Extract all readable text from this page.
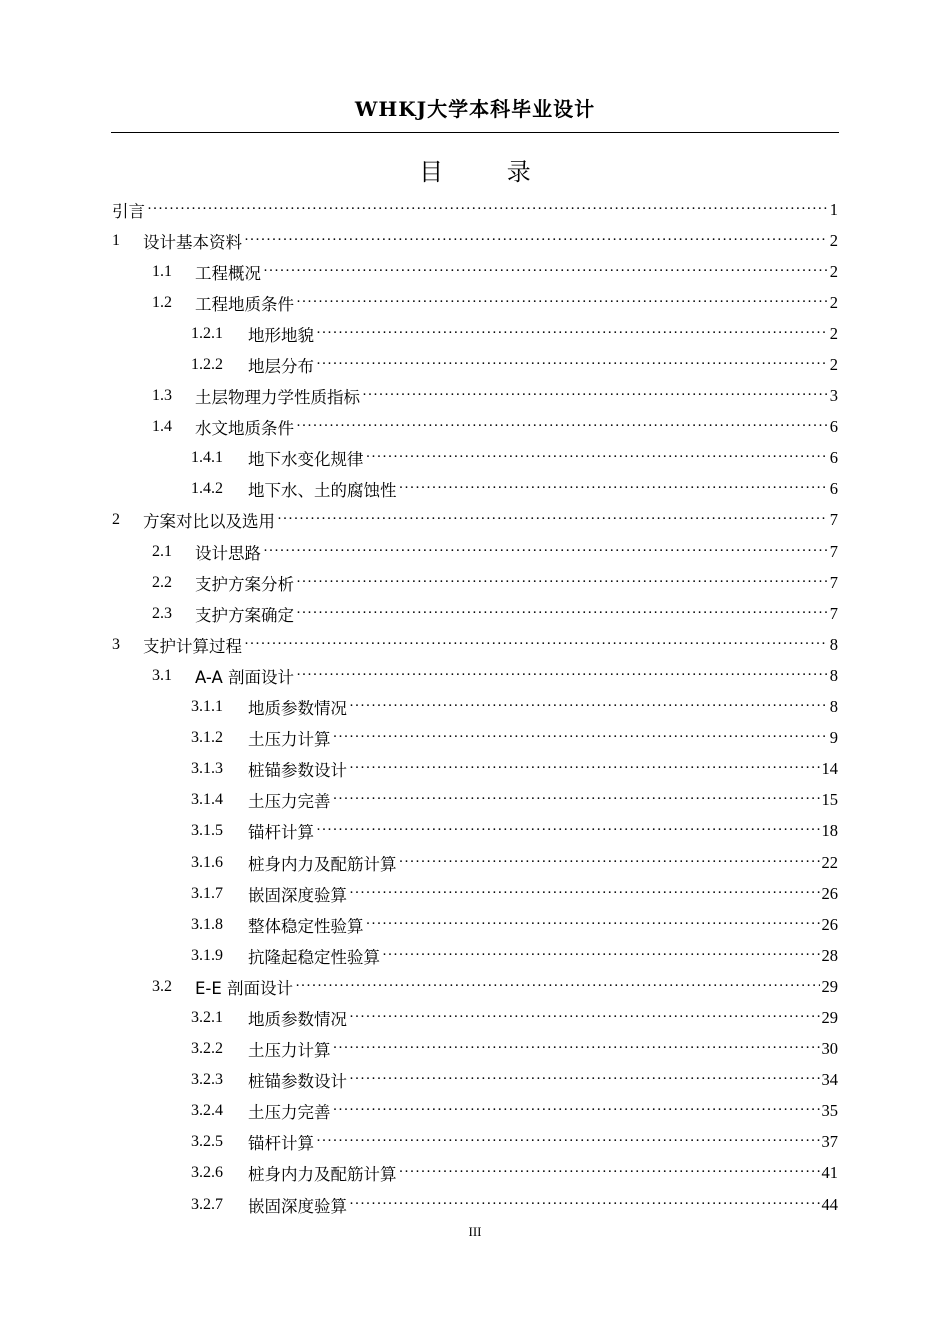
WHKJ大学本科毕业设计
目 录
引言 ·····	1
1	设计基本资料 ·····	2
1.1	工程概况 ·····	2
1.2	工程地质条件 ·····	2
1.2.1	地形地貌 ·····	2
1.2.2	地层分布 ·····	2
1.3	土层物理力学性质指标 ·····	3
1.4	水文地质条件 ·····	6
1.4.1	地下水变化规律 ·····	6
1.4.2	地下水、土的腐蚀性 ·····	6
2	方案对比以及选用 ·····	7
2.1	设计思路 ·····	7
2.2	支护方案分析 ·····	7
2.3	支护方案确定 ·····	7
3	支护计算过程 ·····	8
3.1	A-A 剖面设计 ·····	8
3.1.1	地质参数情况 ·····	8
3.1.2	土压力计算 ·····	9
3.1.3	桩锚参数设计 ·····	14
3.1.4	土压力完善 ·····	15
3.1.5	锚杆计算 ·····	18
3.1.6	桩身内力及配筋计算 ·····	22
3.1.7	嵌固深度验算 ·····	26
3.1.8	整体稳定性验算 ·····	26
3.1.9	抗隆起稳定性验算 ·····	28
3.2	E-E 剖面设计 ·····	29
3.2.1	地质参数情况 ·····	29
3.2.2	土压力计算 ·····	30
3.2.3	桩锚参数设计 ·····	34
3.2.4	土压力完善 ·····	35
3.2.5	锚杆计算 ·····	37
3.2.6	桩身内力及配筋计算 ·····	41
3.2.7	嵌固深度验算 ·····	44
III
